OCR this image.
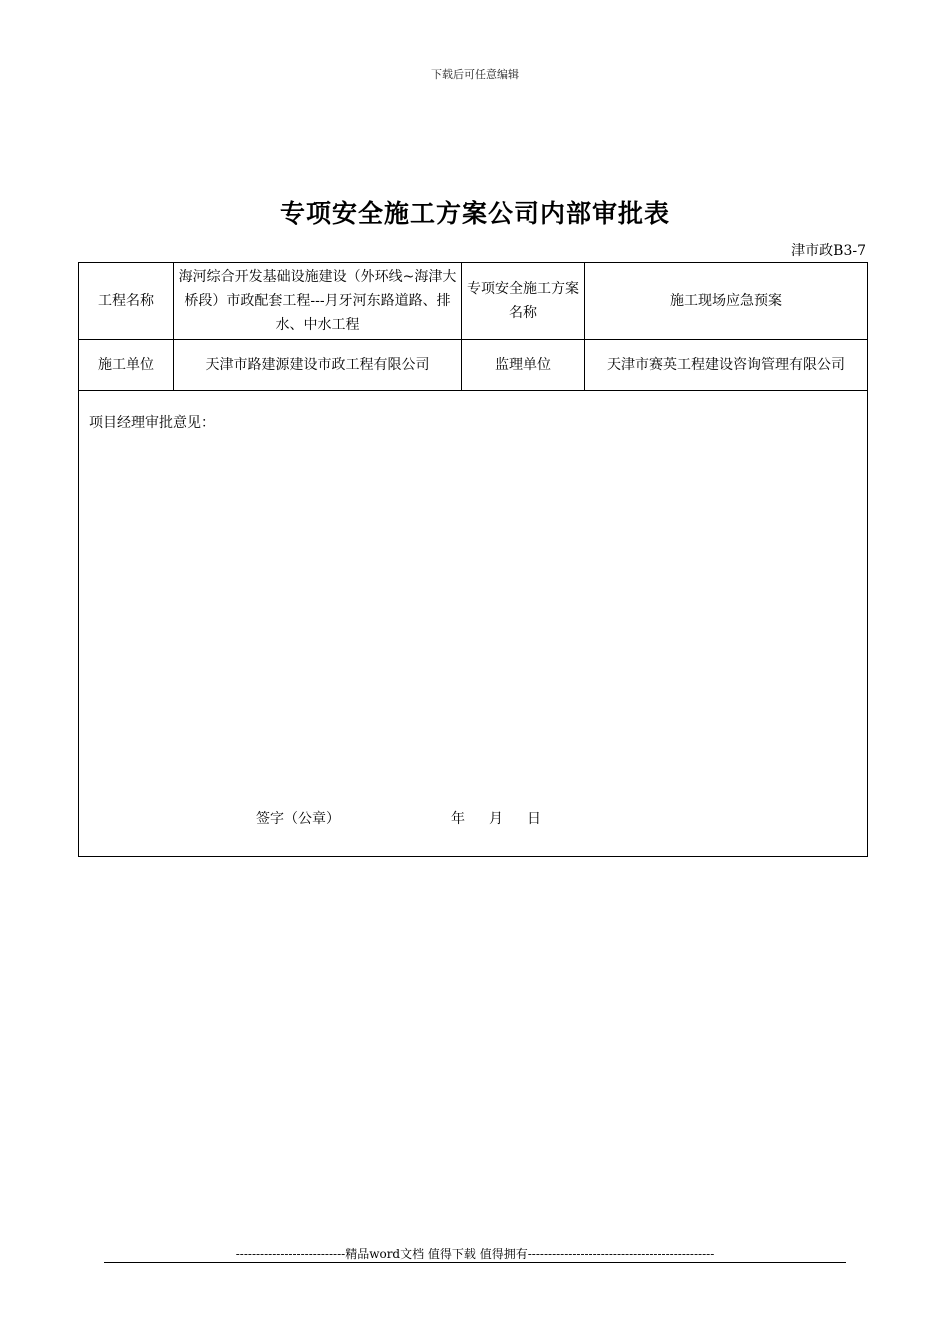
下载后可任意编辑
专项安全施工方案公司内部审批表
津市政B3-7
工程名称	海河综合开发基础设施建设（外环线~海津大桥段）市政配套工程---月牙河东路道路、排水、中水工程	专项安全施工方案名称	施工现场应急预案
施工单位	天津市路建源建设市政工程有限公司	监理单位	天津市赛英工程建设咨询管理有限公司

项目经理审批意见：
签字（公章） 年 月 日			
---------------------------精品word文档 值得下载 值得拥有----------------------------------------------
